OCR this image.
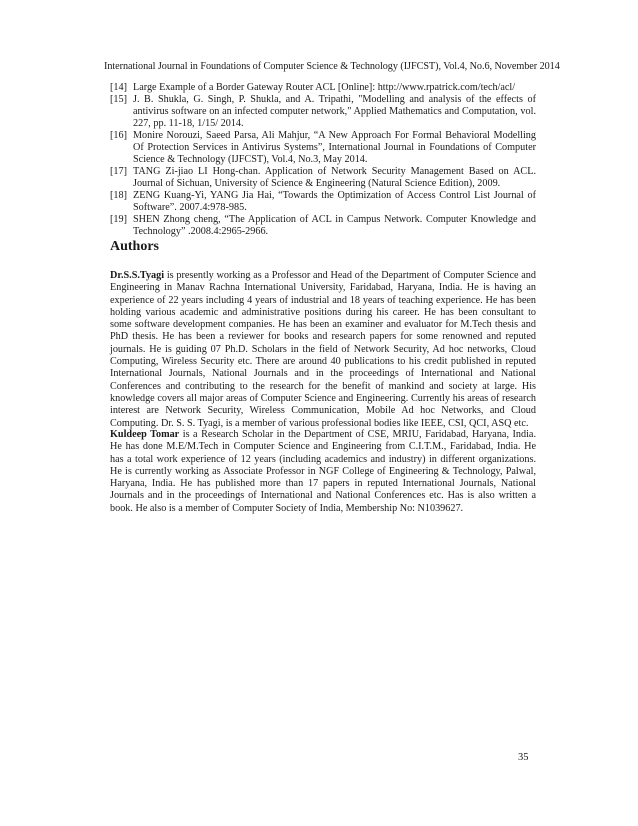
International Journal in Foundations of Computer Science & Technology (IJFCST), Vol.4, No.6, November 2014
[14] Large Example of a Border Gateway Router ACL [Online]: http://www.rpatrick.com/tech/acl/
[15] J. B. Shukla, G. Singh, P. Shukla, and A. Tripathi, "Modelling and analysis of the effects of antivirus software on an infected computer network," Applied Mathematics and Computation, vol. 227, pp. 11-18, 1/15/ 2014.
[16] Monire Norouzi, Saeed Parsa, Ali Mahjur, “A New Approach For Formal Behavioral Modelling Of Protection Services in Antivirus Systems”, International Journal in Foundations of Computer Science & Technology (IJFCST), Vol.4, No.3, May 2014.
[17] TANG Zi-jiao LI Hong-chan. Application of Network Security Management Based on ACL. Journal of Sichuan, University of Science & Engineering (Natural Science Edition), 2009.
[18] ZENG Kuang-Yi, YANG Jia Hai, “Towards the Optimization of Access Control List Journal of Software”. 2007.4:978-985.
[19] SHEN Zhong cheng, “The Application of ACL in Campus Network. Computer Knowledge and Technology” .2008.4:2965-2966.
Authors

Dr.S.S.Tyagi is presently working as a Professor and Head of the Department of Computer Science and Engineering in Manav Rachna International University, Faridabad, Haryana, India. He is having an experience of 22 years including 4 years of industrial and 18 years of teaching experience. He has been holding various academic and administrative positions during his career. He has been consultant to some software development companies. He has been an examiner and evaluator for M.Tech thesis and PhD thesis. He has been a reviewer for books and research papers for some renowned and reputed journals. He is guiding 07 Ph.D. Scholars in the field of Network Security, Ad hoc networks, Cloud Computing, Wireless Security etc. There are around 40 publications to his credit published in reputed International Journals, National Journals and in the proceedings of International and National Conferences and contributing to the research for the benefit of mankind and society at large. His knowledge covers all major areas of Computer Science and Engineering. Currently his areas of research interest are Network Security, Wireless Communication, Mobile Ad hoc Networks, and Cloud Computing. Dr. S. S. Tyagi, is a member of various professional bodies like IEEE, CSI, QCI, ASQ etc.

Kuldeep Tomar is a Research Scholar in the Department of CSE, MRIU, Faridabad, Haryana, India. He has done M.E/M.Tech in Computer Science and Engineering from C.I.T.M., Faridabad, India. He has a total work experience of 12 years (including academics and industry) in different organizations. He is currently working as Associate Professor in NGF College of Engineering & Technology, Palwal, Haryana, India. He has published more than 17 papers in reputed International Journals, National Journals and in the proceedings of International and National Conferences etc. Has is also written a book. He also is a member of Computer Society of India, Membership No: N1039627.

35
